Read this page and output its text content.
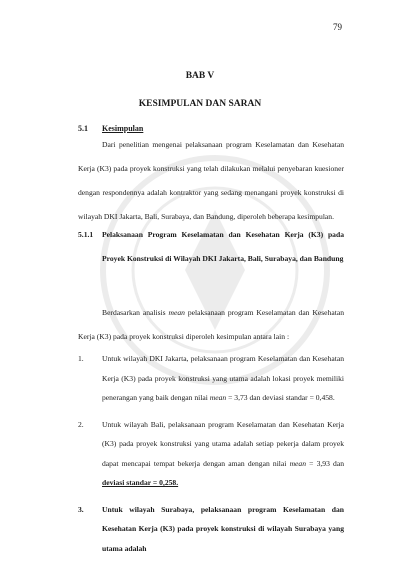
79
BAB V
KESIMPULAN DAN SARAN
5.1 Kesimpulan
Dari penelitian mengenai pelaksanaan program Keselamatan dan Kesehatan Kerja (K3) pada proyek konstruksi yang telah dilakukan melalui penyebaran kuesioner dengan respondennya adalah kontraktor yang sedang menangani proyek konstruksi di wilayah DKI Jakarta, Bali, Surabaya, dan Bandung, diperoleh beberapa kesimpulan.
5.1.1 Pelaksanaan Program Keselamatan dan Kesehatan Kerja (K3) pada Proyek Konstruksi di Wilayah DKI Jakarta, Bali, Surabaya, dan Bandung
Berdasarkan analisis mean pelaksanaan program Keselamatan dan Kesehatan Kerja (K3) pada proyek konstruksi diperoleh kesimpulan antara lain :
1. Untuk wilayah DKI Jakarta, pelaksanaan program Keselamatan dan Kesehatan Kerja (K3) pada proyek konstruksi yang utama adalah lokasi proyek memiliki penerangan yang baik dengan nilai mean = 3,73 dan deviasi standar = 0,458.
2. Untuk wilayah Bali, pelaksanaan program Keselamatan dan Kesehatan Kerja (K3) pada proyek konstruksi yang utama adalah setiap pekerja dalam proyek dapat mencapai tempat bekerja dengan aman dengan nilai mean = 3,93 dan deviasi standar = 0,258.
3. Untuk wilayah Surabaya, pelaksanaan program Keselamatan dan Kesehatan Kerja (K3) pada proyek konstruksi di wilayah Surabaya yang utama adalah
